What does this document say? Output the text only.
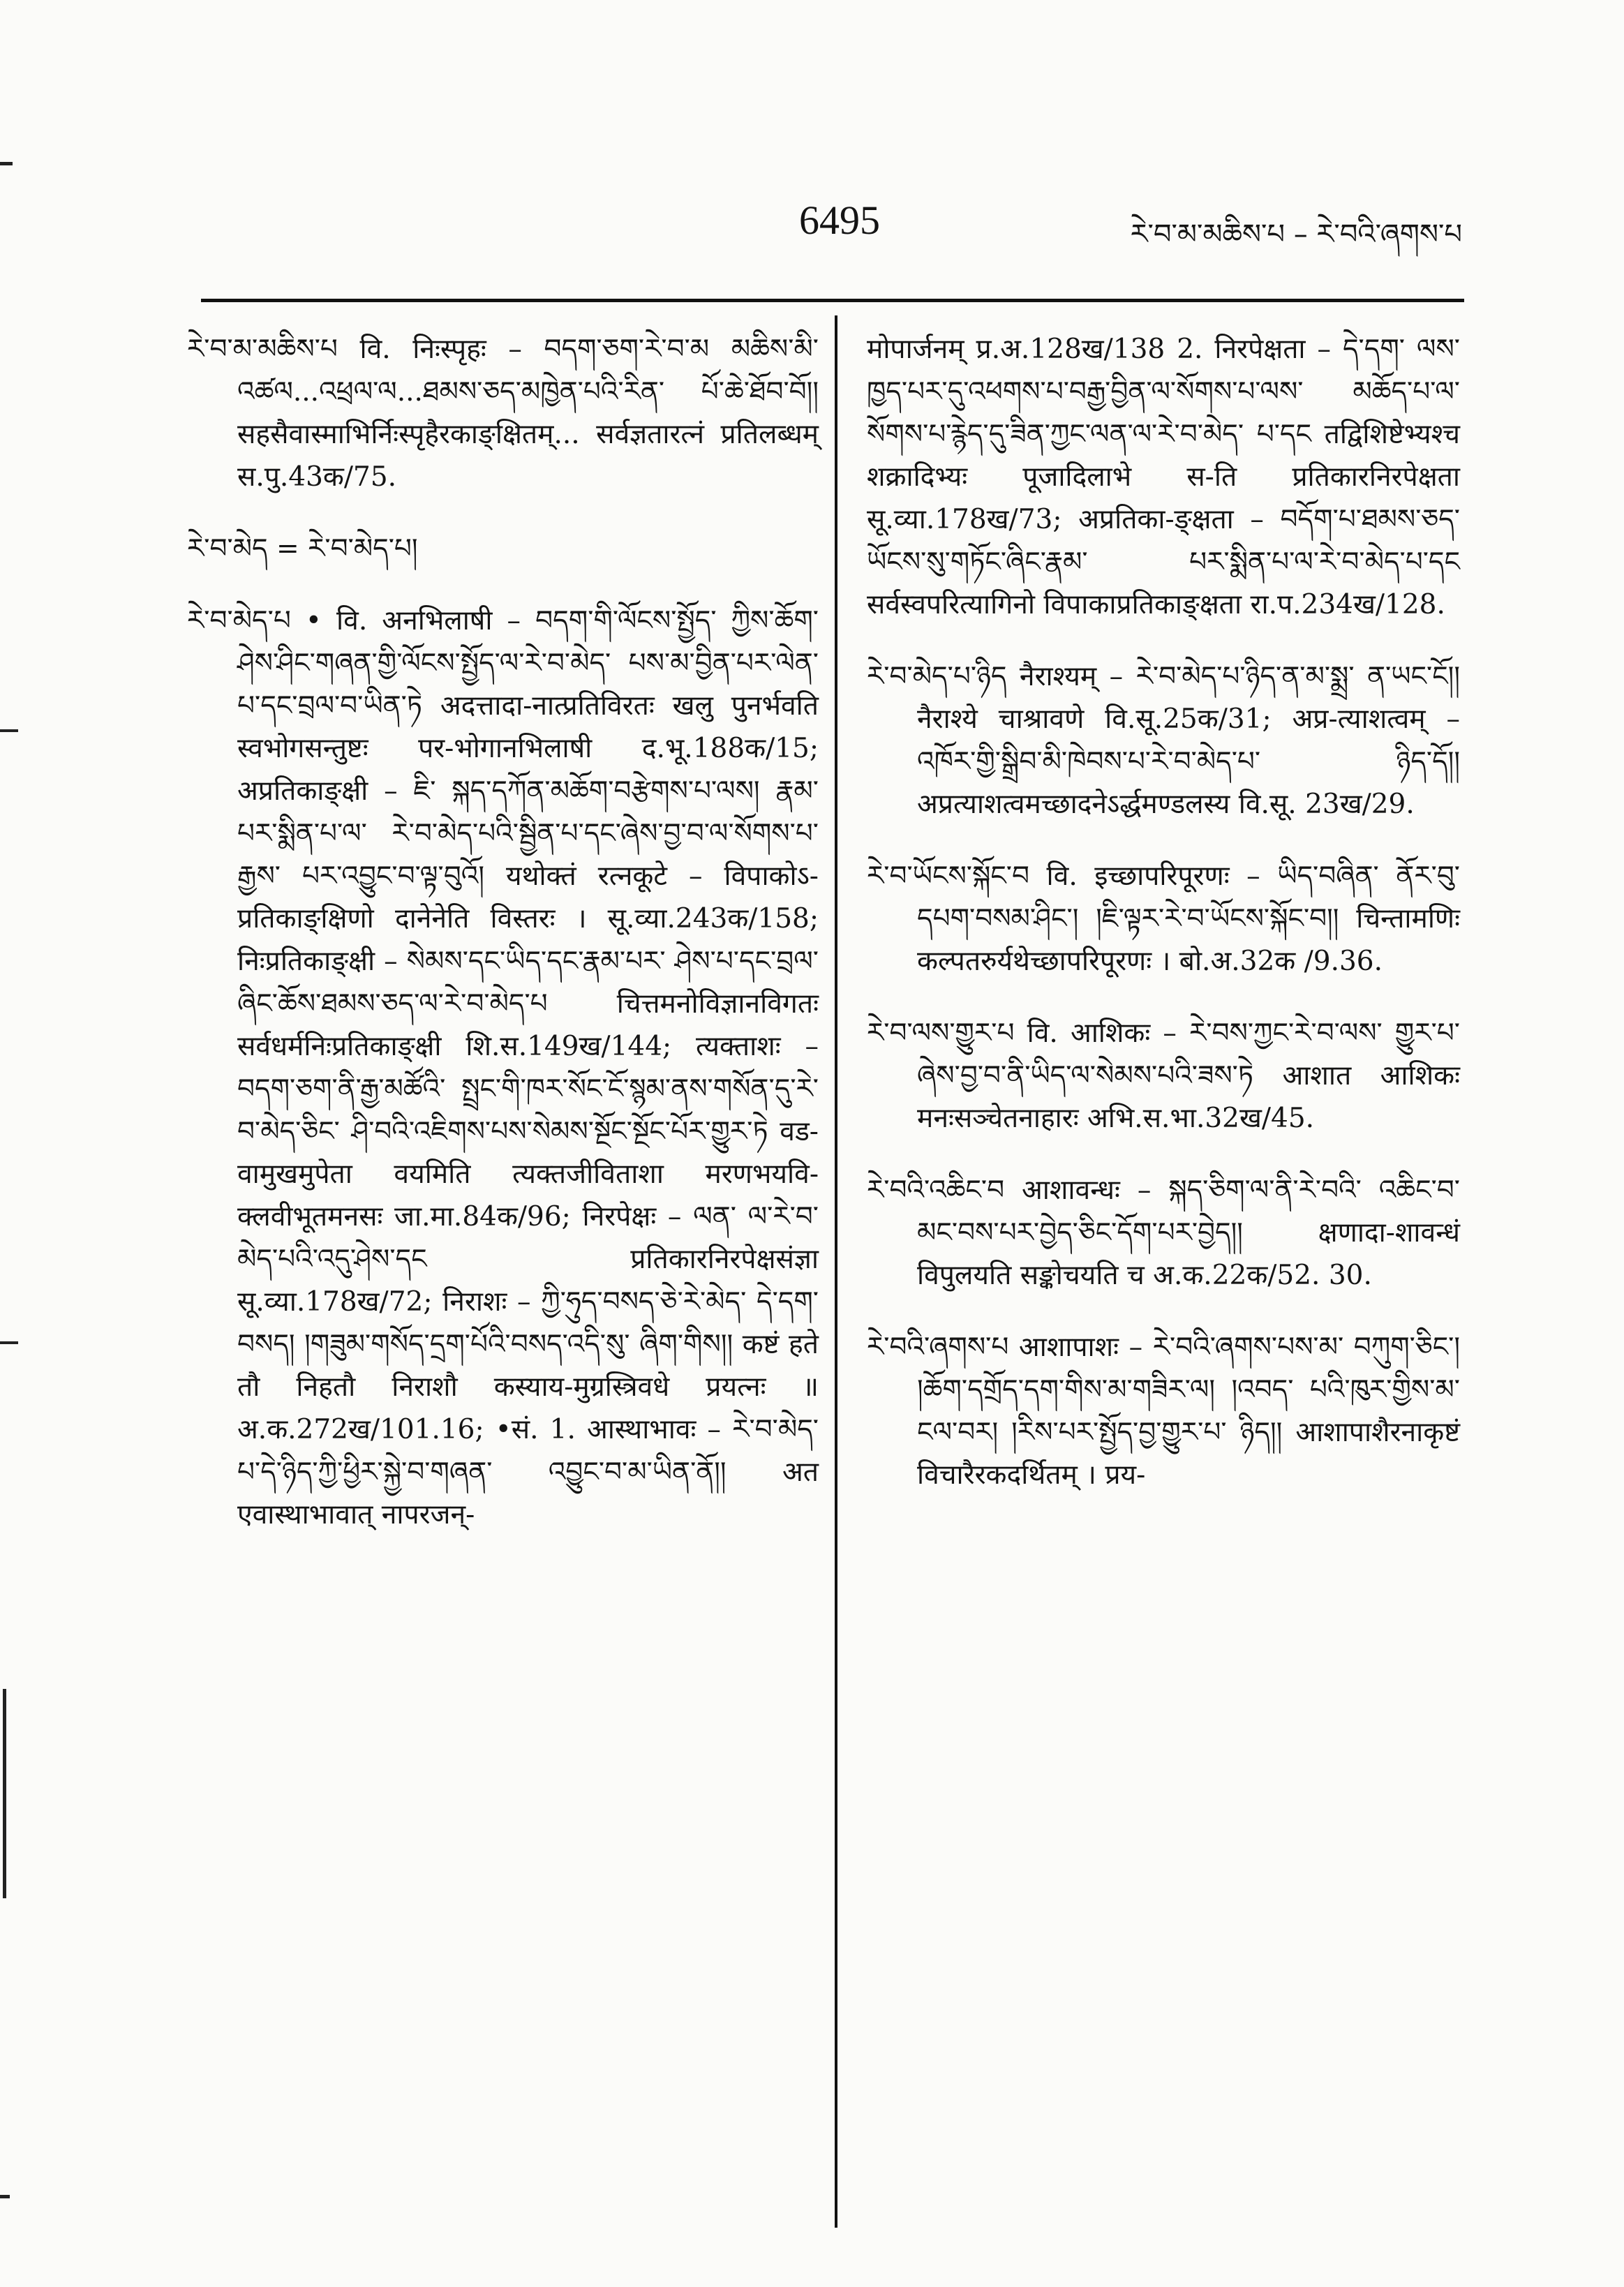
6495	རེ་བ་མ་མཆིས་པ – རེ་བའི་ཞགས་པ

རེ་བ་མ་མཆིས་པ वि. निःस्पृहः – བདག་ཅག་རེ་བ་མ མཆིས་མི་འཚལ...འཕྲལ་ལ...ཐམས་ཅད་མཁྱེན་པའི་རིན་ པོ་ཆེ་ཐོབ་བོ།། सहसैवास्माभिर्निःस्पृहैरकाङ्क्षितम्... सर्वज्ञतारत्नं प्रतिलब्धम् स.पु.43क/75.

རེ་བ་མེད = རེ་བ་མེད་པ།

རེ་བ་མེད་པ • वि. अनभिलाषी – བདག་གི་ལོངས་སྤྱོད་ ཀྱིས་ཆོག་ཤེས་ཤིང་གཞན་གྱི་ལོངས་སྤྱོད་ལ་རེ་བ་མེད་ པས་མ་བྱིན་པར་ལེན་པ་དང་བྲལ་བ་ཡིན་ཏེ अदत्तादा-नात्प्रतिविरतः खलु पुनर्भवति स्वभोगसन्तुष्टः पर-भोगानभिलाषी द.भू.188क/15; अप्रतिकाङ्क्षी – ཇི་ སྐད་དཀོན་མཆོག་བརྩེགས་པ་ལས། རྣམ་པར་སྨིན་པ་ལ་ རེ་བ་མེད་པའི་སྦྱིན་པ་དང་ཞེས་བྱ་བ་ལ་སོགས་པ་རྒྱས་ པར་འབྱུང་བ་ལྟ་བུའོ། यथोक्तं रत्नकूटे – विपाकोऽ-प्रतिकाङ्क्षिणो दानेनेति विस्तरः । सू.व्या.243क/158; निःप्रतिकाङ्क्षी – སེམས་དང་ཡིད་དང་རྣམ་པར་ ཤེས་པ་དང་བྲལ་ཞིང་ཆོས་ཐམས་ཅད་ལ་རེ་བ་མེད་པ चित्तमनोविज्ञानविगतः सर्वधर्मनिःप्रतिकाङ्क्षी शि.स.149ख/144; त्यक्ताशः – བདག་ཅག་ནི་རྒྱ་མཚོའི་ སྤྲང་གི་ཁར་སོང་ངོ་སྙམ་ནས་གསོན་དུ་རེ་བ་མེད་ཅིང་ ཤི་བའི་འཇིགས་པས་སེམས་སྔོང་སྔོང་པོར་གྱུར་ཏེ वड-वामुखमुपेता वयमिति त्यक्तजीविताशा मरणभयवि-क्लवीभूतमनसः जा.मा.84क/96; निरपेक्षः – ལན་ ལ་རེ་བ་མེད་པའི་འདུ་ཤེས་དང प्रतिकारनिरपेक्षसंज्ञा सू.व्या.178ख/72; निराशः – ཀྱི་ཧུད་བསད་ཅེ་རེ་མེད་ དེ་དག་བསད། །གཟུམ་གསོད་དྲག་པོའི་བསད་འདི་སུ་ ཞིག་གིས།། कष्टं हते तौ निहतौ निराशौ कस्याय-मुग्रस्त्रिवधे प्रयत्नः ॥ अ.क.272ख/101.16; •सं. 1. आस्थाभावः – རེ་བ་མེད་པ་དེ་ཉིད་ཀྱི་ཕྱིར་སྐྱེ་བ་གཞན་ འབྱུང་བ་མ་ཡིན་ནོ།། अत एवास्थाभावात् नापरजन्-

मोपार्जनम् प्र.अ.128ख/138 2. निरपेक्षता – དེ་དག་ ལས་ཁྱད་པར་དུ་འཕགས་པ་བརྒྱ་བྱིན་ལ་སོགས་པ་ལས་ མཆོད་པ་ལ་སོགས་པ་རྙེད་དུ་ཟིན་ཀྱང་ལན་ལ་རེ་བ་མེད་ པ་དང तद्विशिष्टेभ्यश्च शक्रादिभ्यः पूजादिलाभे स-ति प्रतिकारनिरपेक्षता सू.व्या.178ख/73; अप्रतिका-ङ्क्षता – བདོག་པ་ཐམས་ཅད་ཡོངས་སུ་གཏོང་ཞིང་རྣམ་ པར་སྨིན་པ་ལ་རེ་བ་མེད་པ་དང सर्वस्वपरित्यागिनो विपाकाप्रतिकाङ्क्षता रा.प.234ख/128.

རེ་བ་མེད་པ་ཉིད नैराश्यम् – རེ་བ་མེད་པ་ཉིད་ན་མ་སྨྲ་ ན་ཡང་ངོ།། नैराश्ये चाश्रावणे वि.सू.25क/31; अप्र-त्याशत्वम् – འཁོར་གྱི་སྒྲིབ་མི་ཁེབས་པ་རེ་བ་མེད་པ་ ཉིད་དོ།། अप्रत्याशत्वमच्छादनेऽर्द्धमण्डलस्य वि.सू. 23ख/29.

རེ་བ་ཡོངས་སྐོང་བ वि. इच्छापरिपूरणः – ཡིད་བཞིན་ ནོར་བུ་དཔག་བསམ་ཤིང་། །ཇི་ལྟར་རེ་བ་ཡོངས་སྐོང་བ།། चिन्तामणिः कल्पतरुर्यथेच्छापरिपूरणः । बो.अ.32क /9.36.

རེ་བ་ལས་གྱུར་པ वि. आशिकः – རེ་བས་ཀྱང་རེ་བ་ལས་ གྱུར་པ་ཞེས་བྱ་བ་ནི་ཡིད་ལ་སེམས་པའི་ཟས་ཏེ आशात आशिकः मनःसञ्चेतनाहारः अभि.स.भा.32ख/45.

རེ་བའི་འཆིང་བ आशावन्धः – སྐད་ཅིག་ལ་ནི་རེ་བའི་ འཆིང་བ་མང་བས་པར་བྱེད་ཅིང་དོག་པར་བྱེད།། क्षणादा-शावन्धं विपुलयति सङ्कोचयति च अ.क.22क/52. 30.

རེ་བའི་ཞགས་པ आशापाशः – རེ་བའི་ཞགས་པས་མ་ བཀུག་ཅིང་། །ཆོག་དགྲོད་དག་གིས་མ་གཟིར་ལ། །འབད་ པའི་ཁུར་གྱིས་མ་ངལ་བར། །རིས་པར་སྤྱོད་བྱ་གྱུར་པ་ ཉིད།། आशापाशैरनाकृष्टं विचारैरकदर्थितम् । प्रय-
